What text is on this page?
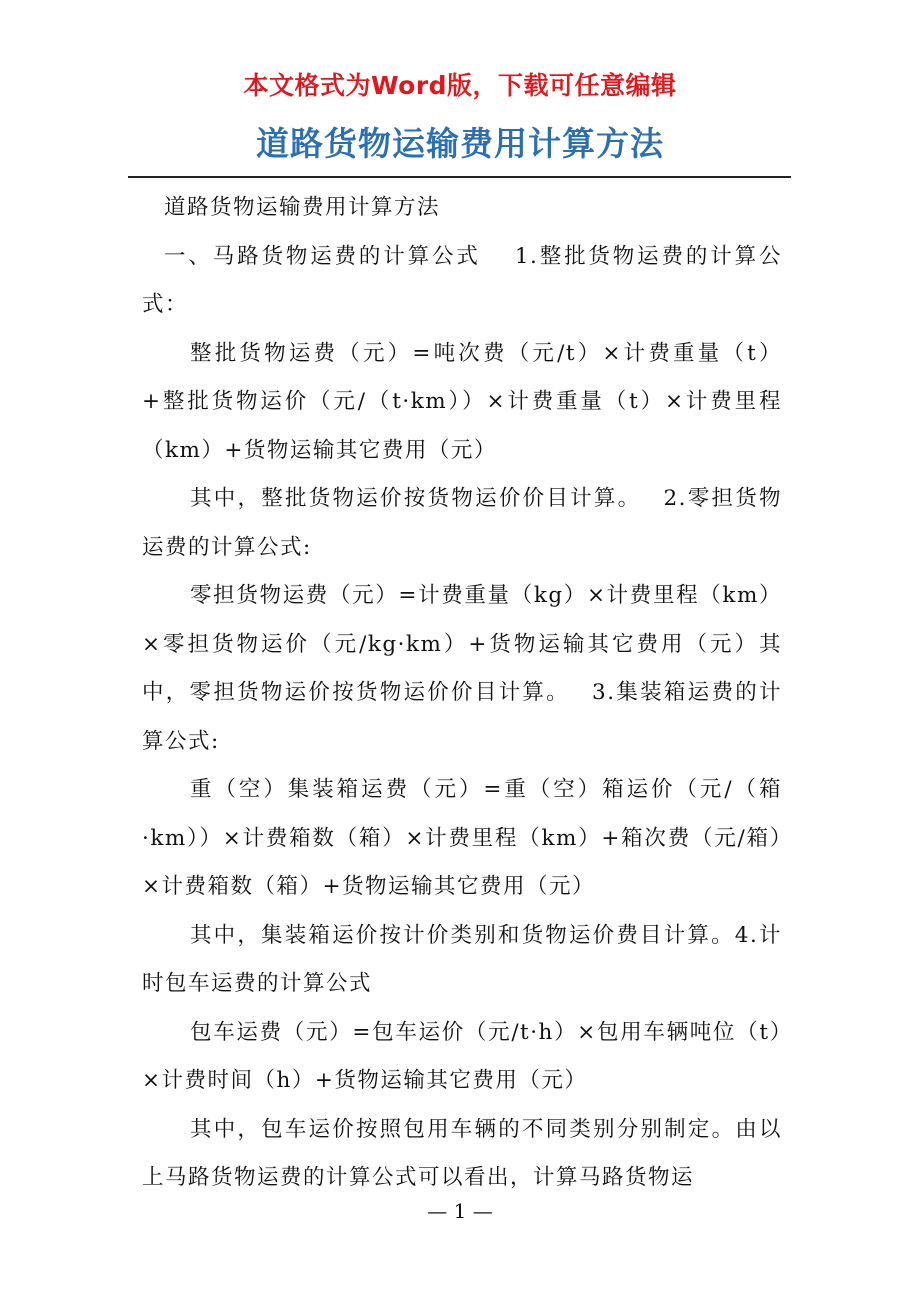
本文格式为Word版，下载可任意编辑
道路货物运输费用计算方法

道路货物运输费用计算方法

一、马路货物运费的计算公式　 1.整批货物运费的计算公式：

整批货物运费（元）=吨次费（元/t）×计费重量（t）+整批货物运价（元/（t·km））×计费重量（t）×计费里程（km）+货物运输其它费用（元）

其中，整批货物运价按货物运价价目计算。　 2.零担货物运费的计算公式:

零担货物运费（元）=计费重量（kg）×计费里程（km）×零担货物运价（元/kg·km）+货物运输其它费用（元）其中，零担货物运价按货物运价价目计算。　 3.集装箱运费的计算公式:

重（空）集装箱运费（元）=重（空）箱运价（元/（箱·km））×计费箱数（箱）×计费里程（km）+箱次费（元/箱）×计费箱数（箱）+货物运输其它费用（元）

其中，集装箱运价按计价类别和货物运价费目计算。4.计时包车运费的计算公式

包车运费（元）=包车运价（元/t·h）×包用车辆吨位（t）×计费时间（h）+货物运输其它费用（元）

其中，包车运价按照包用车辆的不同类别分别制定。由以上马路货物运费的计算公式可以看出，计算马路货物运

— 1 —
